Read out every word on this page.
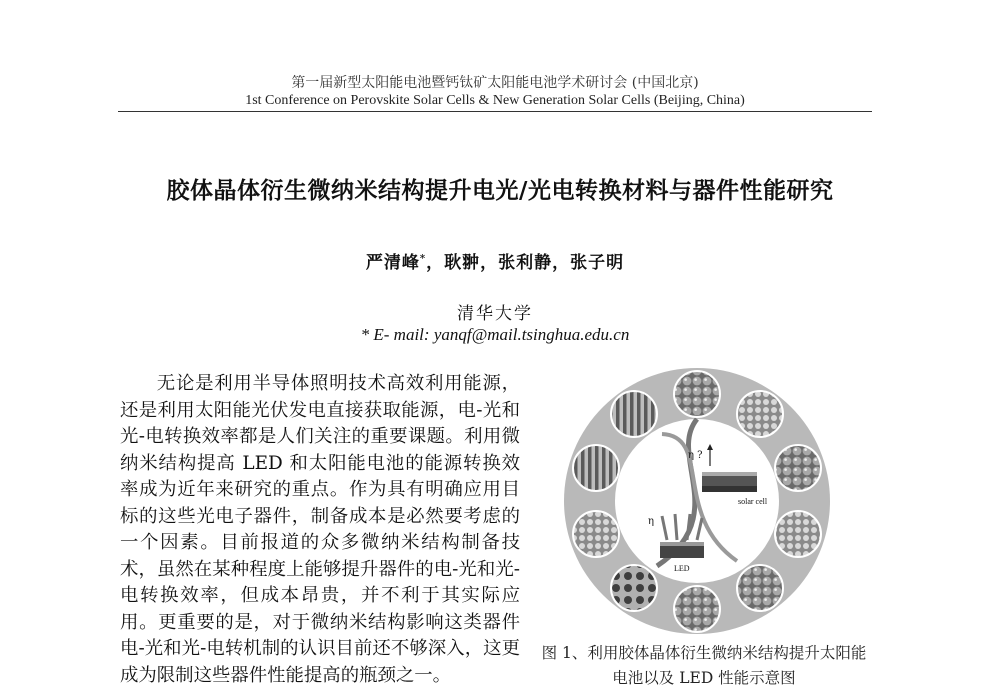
第一届新型太阳能电池暨钙钛矿太阳能电池学术研讨会 (中国北京)
1st Conference on Perovskite Solar Cells & New Generation Solar Cells (Beijing, China)
胶体晶体衍生微纳米结构提升电光/光电转换材料与器件性能研究
严清峰*，耿翀，张利静，张子明
清华大学
* E- mail: yanqf@mail.tsinghua.edu.cn

无论是利用半导体照明技术高效利用能源，还是利用太阳能光伏发电直接获取能源，电-光和光-电转换效率都是人们关注的重要课题。利用微纳米结构提高 LED 和太阳能电池的能源转换效率成为近年来研究的重点。作为具有明确应用目标的这些光电子器件，制备成本是必然要考虑的一个因素。目前报道的众多微纳米结构制备技术，虽然在某种程度上能够提升器件的电-光和光-电转换效率，但成本昂贵，并不利于其实际应用。更重要的是，对于微纳米结构影响这类器件电-光和光-电转机制的认识目前还不够深入，这更成为限制这些器件性能提高的瓶颈之一。

η ?
solar cell
η
LED
图 1、利用胶体晶体衍生微纳米结构提升太阳能电池以及 LED 性能示意图
